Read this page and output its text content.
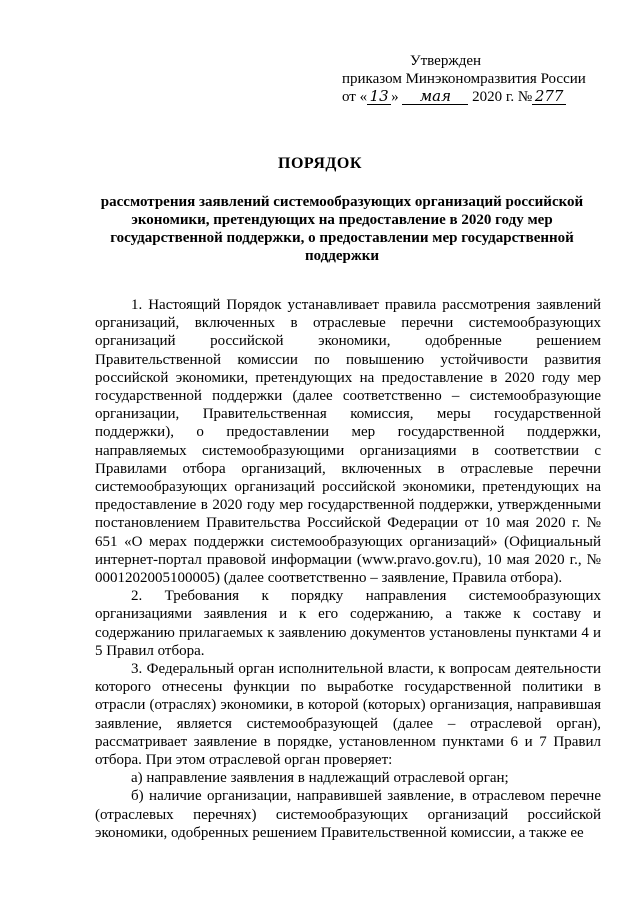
Утвержден
приказом Минэкономразвития России
от « 13 » мая 2020 г. № 277
ПОРЯДОК
рассмотрения заявлений системообразующих организаций российской экономики, претендующих на предоставление в 2020 году мер государственной поддержки, о предоставлении мер государственной поддержки

1. Настоящий Порядок устанавливает правила рассмотрения заявлений организаций, включенных в отраслевые перечни системообразующих организаций российской экономики, одобренные решением Правительственной комиссии по повышению устойчивости развития российской экономики, претендующих на предоставление в 2020 году мер государственной поддержки (далее соответственно – системообразующие организации, Правительственная комиссия, меры государственной поддержки), о предоставлении мер государственной поддержки, направляемых системообразующими организациями в соответствии с Правилами отбора организаций, включенных в отраслевые перечни системообразующих организаций российской экономики, претендующих на предоставление в 2020 году мер государственной поддержки, утвержденными постановлением Правительства Российской Федерации от 10 мая 2020 г. № 651 «О мерах поддержки системообразующих организаций» (Официальный интернет-портал правовой информации (www.pravo.gov.ru), 10 мая 2020 г., № 0001202005100005) (далее соответственно – заявление, Правила отбора).

2. Требования к порядку направления системообразующих организациями заявления и к его содержанию, а также к составу и содержанию прилагаемых к заявлению документов установлены пунктами 4 и 5 Правил отбора.

3. Федеральный орган исполнительной власти, к вопросам деятельности которого отнесены функции по выработке государственной политики в отрасли (отраслях) экономики, в которой (которых) организация, направившая заявление, является системообразующей (далее – отраслевой орган), рассматривает заявление в порядке, установленном пунктами 6 и 7 Правил отбора. При этом отраслевой орган проверяет:

а) направление заявления в надлежащий отраслевой орган;

б) наличие организации, направившей заявление, в отраслевом перечне (отраслевых перечнях) системообразующих организаций российской экономики, одобренных решением Правительственной комиссии, а также ее
